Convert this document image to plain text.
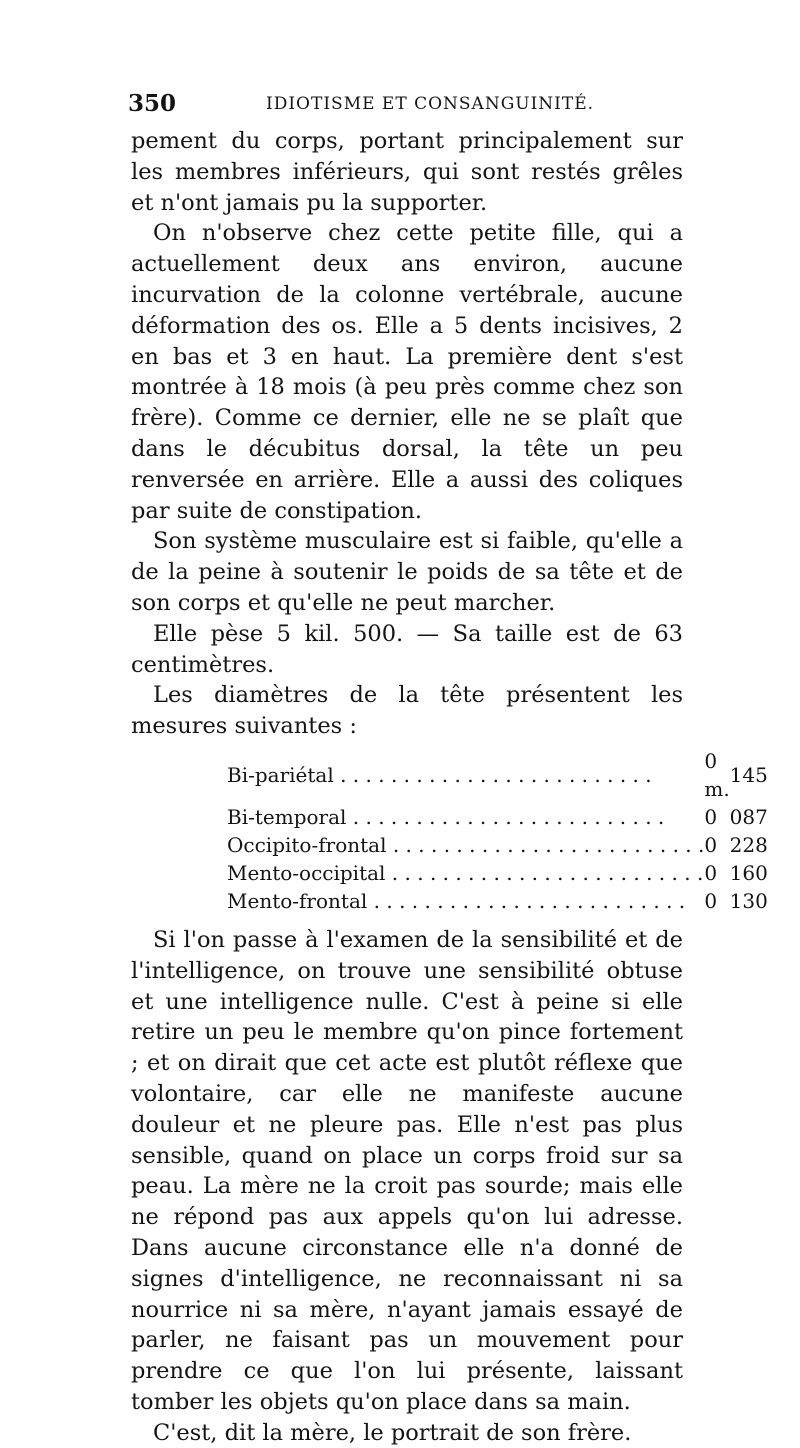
350	IDIOTISME ET CONSANGUINITÉ.

pement du corps, portant principalement sur les membres inférieurs, qui sont restés grêles et n'ont jamais pu la supporter.

On n'observe chez cette petite fille, qui a actuellement deux ans environ, aucune incurvation de la colonne vertébrale, aucune déformation des os. Elle a 5 dents incisives, 2 en bas et 3 en haut. La première dent s'est montrée à 18 mois (à peu près comme chez son frère). Comme ce dernier, elle ne se plaît que dans le décubitus dorsal, la tête un peu renversée en arrière. Elle a aussi des coliques par suite de constipation.

Son système musculaire est si faible, qu'elle a de la peine à soutenir le poids de sa tête et de son corps et qu'elle ne peut marcher.

Elle pèse 5 kil. 500. — Sa taille est de 63 centimètres.

Les diamètres de la tête présentent les mesures suivantes :

Bi-pariétal . . .	0 m.	145
Bi-temporal . . .	0	087
Occipito-frontal . . .	0	228
Mento-occipital . . .	0	160
Mento-frontal . . .	0	130

Si l'on passe à l'examen de la sensibilité et de l'intelligence, on trouve une sensibilité obtuse et une intelligence nulle. C'est à peine si elle retire un peu le membre qu'on pince fortement ; et on dirait que cet acte est plutôt réflexe que volontaire, car elle ne manifeste aucune douleur et ne pleure pas. Elle n'est pas plus sensible, quand on place un corps froid sur sa peau. La mère ne la croit pas sourde; mais elle ne répond pas aux appels qu'on lui adresse. Dans aucune circonstance elle n'a donné de signes d'intelligence, ne reconnaissant ni sa nourrice ni sa mère, n'ayant jamais essayé de parler, ne faisant pas un mouvement pour prendre ce que l'on lui présente, laissant tomber les objets qu'on place dans sa main.

C'est, dit la mère, le portrait de son frère.
